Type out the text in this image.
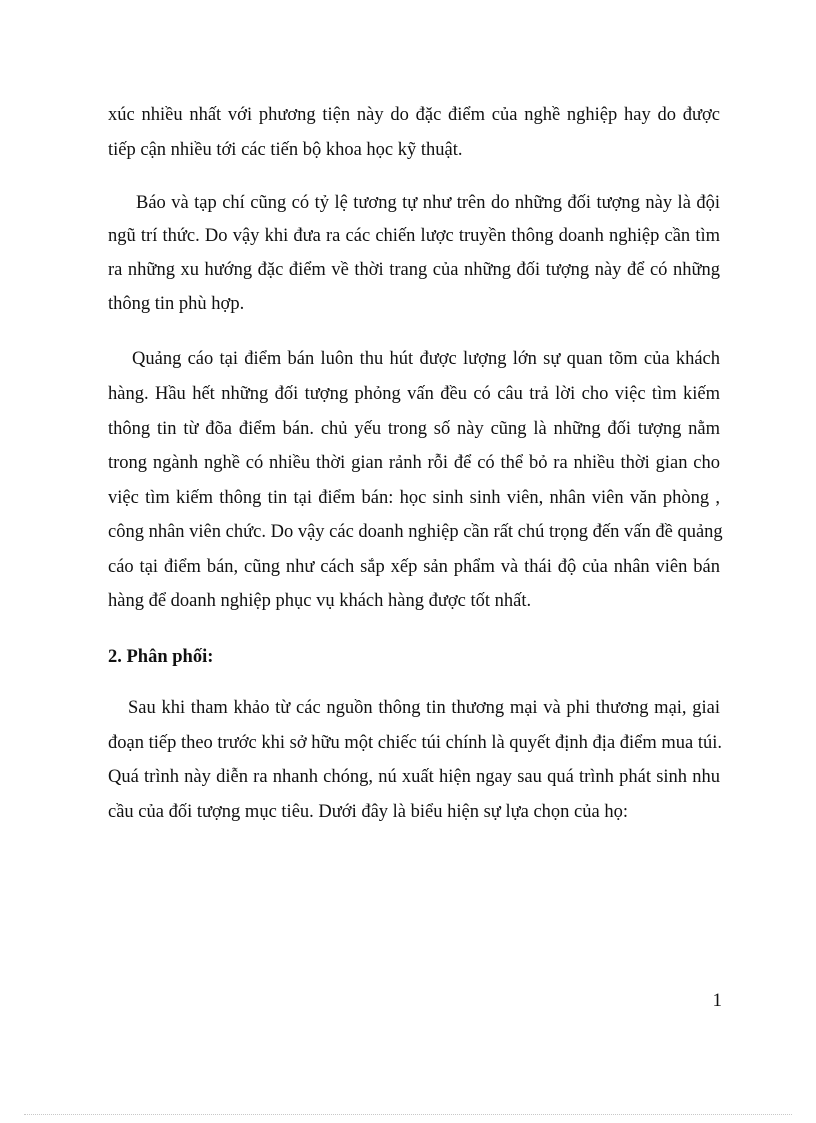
xúc nhiều nhất với phương tiện này do đặc điểm của nghề nghiệp hay do được
tiếp cận nhiều tới các tiến bộ khoa học kỹ thuật.
Báo và tạp chí cũng có tỷ lệ tương tự như trên do những đối tượng này là đội
ngũ trí thức. Do vậy khi đưa ra các chiến lược truyền thông doanh nghiệp cần tìm
ra những xu hướng đặc điểm về thời trang của những đối tượng này để có những
thông tin phù hợp.
Quảng cáo tại điểm bán luôn thu hút được lượng lớn sự quan tõm của khách
hàng. Hầu hết những đối tượng phỏng vấn đều có câu trả lời cho việc tìm kiếm
thông tin từ đõa điểm bán. chủ yếu trong số này cũng là những đối tượng nằm
trong ngành nghề có nhiều thời gian rảnh rỗi để có thể bỏ ra nhiều thời gian cho
việc tìm kiếm thông tin tại điểm bán: học sinh sinh viên, nhân viên văn phòng ,
công nhân viên chức. Do vậy các doanh nghiệp cần rất chú trọng đến vấn đề quảng
cáo tại điểm bán, cũng như cách sắp xếp sản phẩm và thái độ của nhân viên bán
hàng để doanh nghiệp phục vụ khách hàng được tốt nhất.
2. Phân phối:
Sau khi tham khảo từ các nguồn thông tin thương mại và phi thương mại, giai
đoạn tiếp theo trước khi sở hữu một chiếc túi chính là quyết định địa điểm mua túi.
Quá trình này diễn ra nhanh chóng, nú xuất hiện ngay sau quá trình phát sinh nhu
cầu của đối tượng mục tiêu. Dưới đây là biểu hiện sự lựa chọn của họ:
1
